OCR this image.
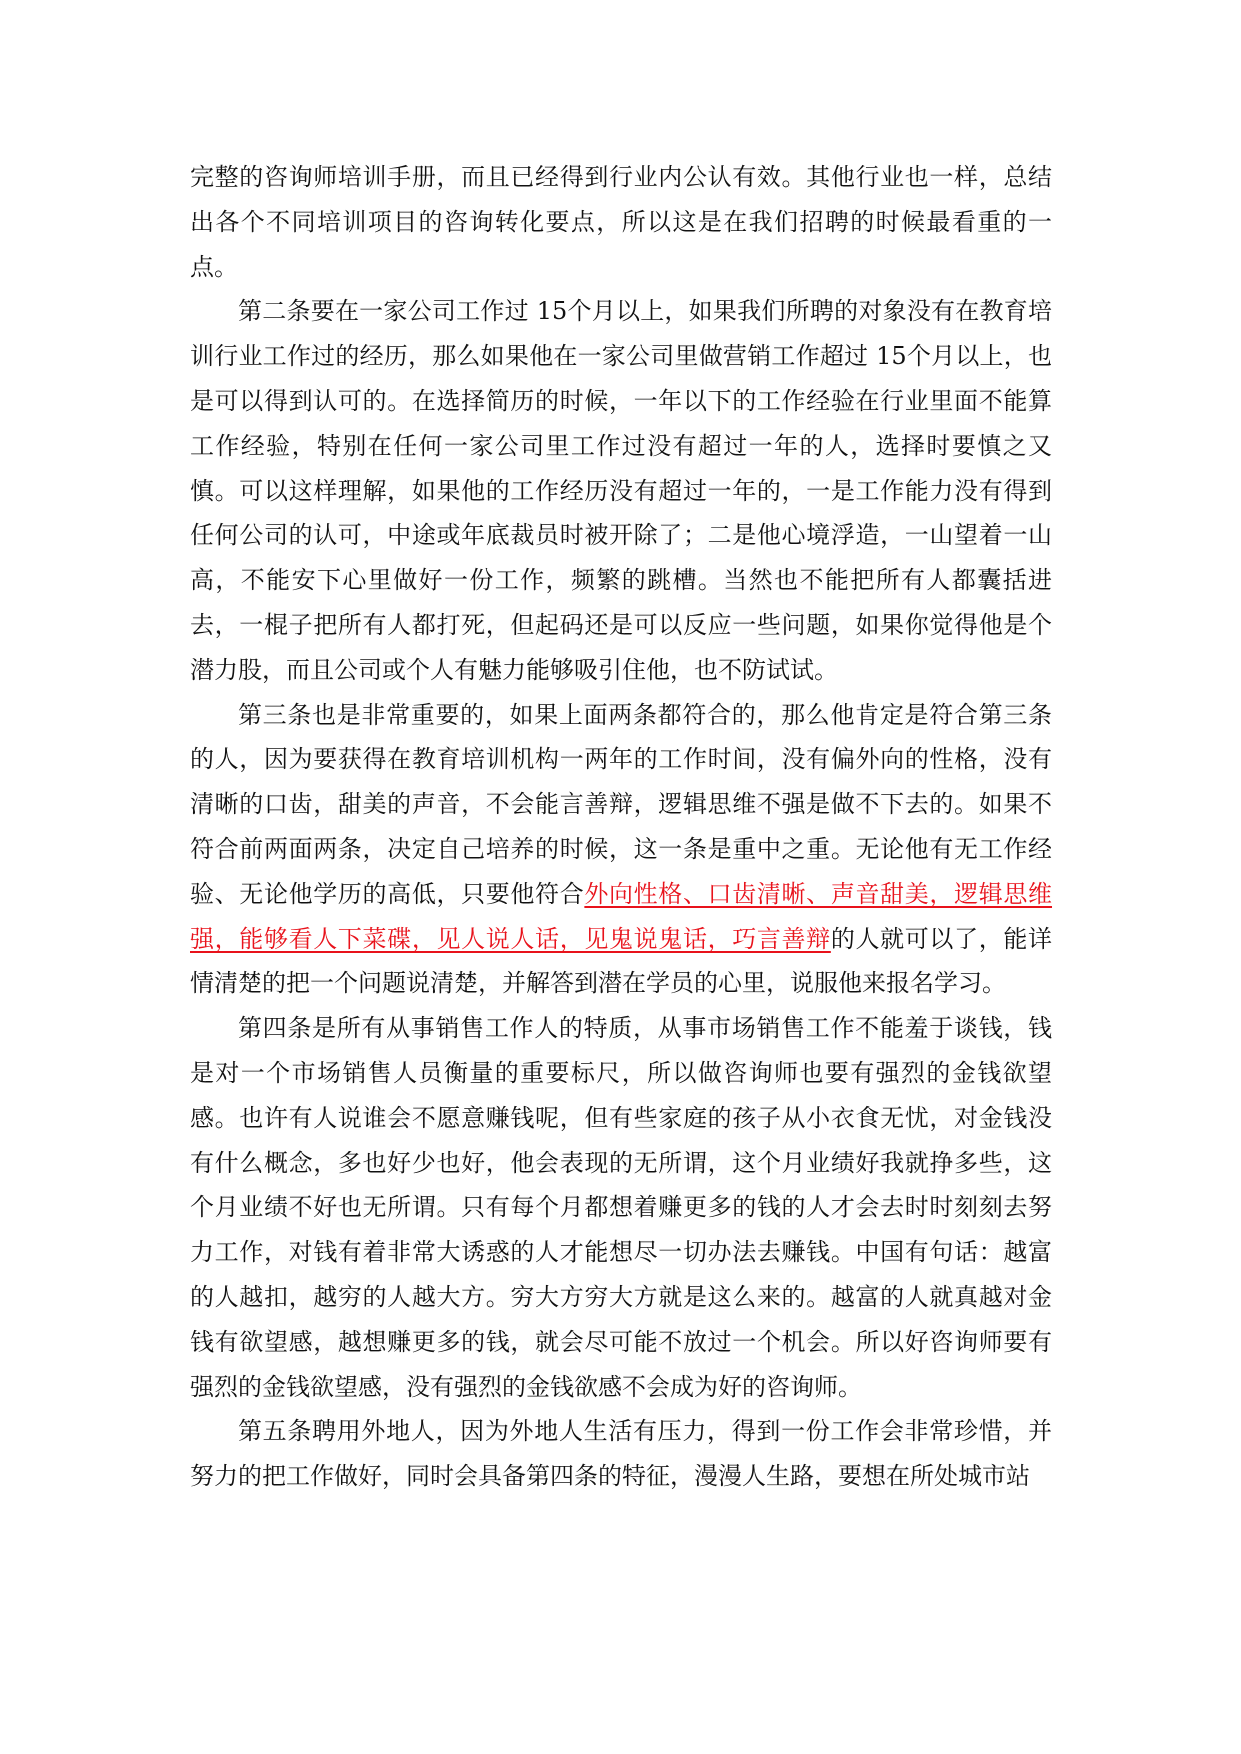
完整的咨询师培训手册，而且已经得到行业内公认有效。其他行业也一样，总结出各个不同培训项目的咨询转化要点，所以这是在我们招聘的时候最看重的一点。

第二条要在一家公司工作过 15个月以上，如果我们所聘的对象没有在教育培训行业工作过的经历，那么如果他在一家公司里做营销工作超过 15个月以上，也是可以得到认可的。在选择简历的时候，一年以下的工作经验在行业里面不能算工作经验，特别在任何一家公司里工作过没有超过一年的人，选择时要慎之又慎。可以这样理解，如果他的工作经历没有超过一年的，一是工作能力没有得到任何公司的认可，中途或年底裁员时被开除了；二是他心境浮造，一山望着一山高，不能安下心里做好一份工作，频繁的跳槽。当然也不能把所有人都囊括进去，一棍子把所有人都打死，但起码还是可以反应一些问题，如果你觉得他是个潜力股，而且公司或个人有魅力能够吸引住他，也不防试试。

第三条也是非常重要的，如果上面两条都符合的，那么他肯定是符合第三条的人，因为要获得在教育培训机构一两年的工作时间，没有偏外向的性格，没有清晰的口齿，甜美的声音，不会能言善辩，逻辑思维不强是做不下去的。如果不符合前两面两条，决定自己培养的时候，这一条是重中之重。无论他有无工作经验、无论他学历的高低，只要他符合外向性格、口齿清晰、声音甜美，逻辑思维强，能够看人下菜碟，见人说人话，见鬼说鬼话，巧言善辩的人就可以了，能详情清楚的把一个问题说清楚，并解答到潜在学员的心里，说服他来报名学习。

第四条是所有从事销售工作人的特质，从事市场销售工作不能羞于谈钱，钱是对一个市场销售人员衡量的重要标尺，所以做咨询师也要有强烈的金钱欲望感。也许有人说谁会不愿意赚钱呢，但有些家庭的孩子从小衣食无忧，对金钱没有什么概念，多也好少也好，他会表现的无所谓，这个月业绩好我就挣多些，这个月业绩不好也无所谓。只有每个月都想着赚更多的钱的人才会去时时刻刻去努力工作，对钱有着非常大诱惑的人才能想尽一切办法去赚钱。中国有句话：越富的人越扣，越穷的人越大方。穷大方穷大方就是这么来的。越富的人就真越对金钱有欲望感，越想赚更多的钱，就会尽可能不放过一个机会。所以好咨询师要有强烈的金钱欲望感，没有强烈的金钱欲感不会成为好的咨询师。

第五条聘用外地人，因为外地人生活有压力，得到一份工作会非常珍惜，并努力的把工作做好，同时会具备第四条的特征，漫漫人生路，要想在所处城市站
